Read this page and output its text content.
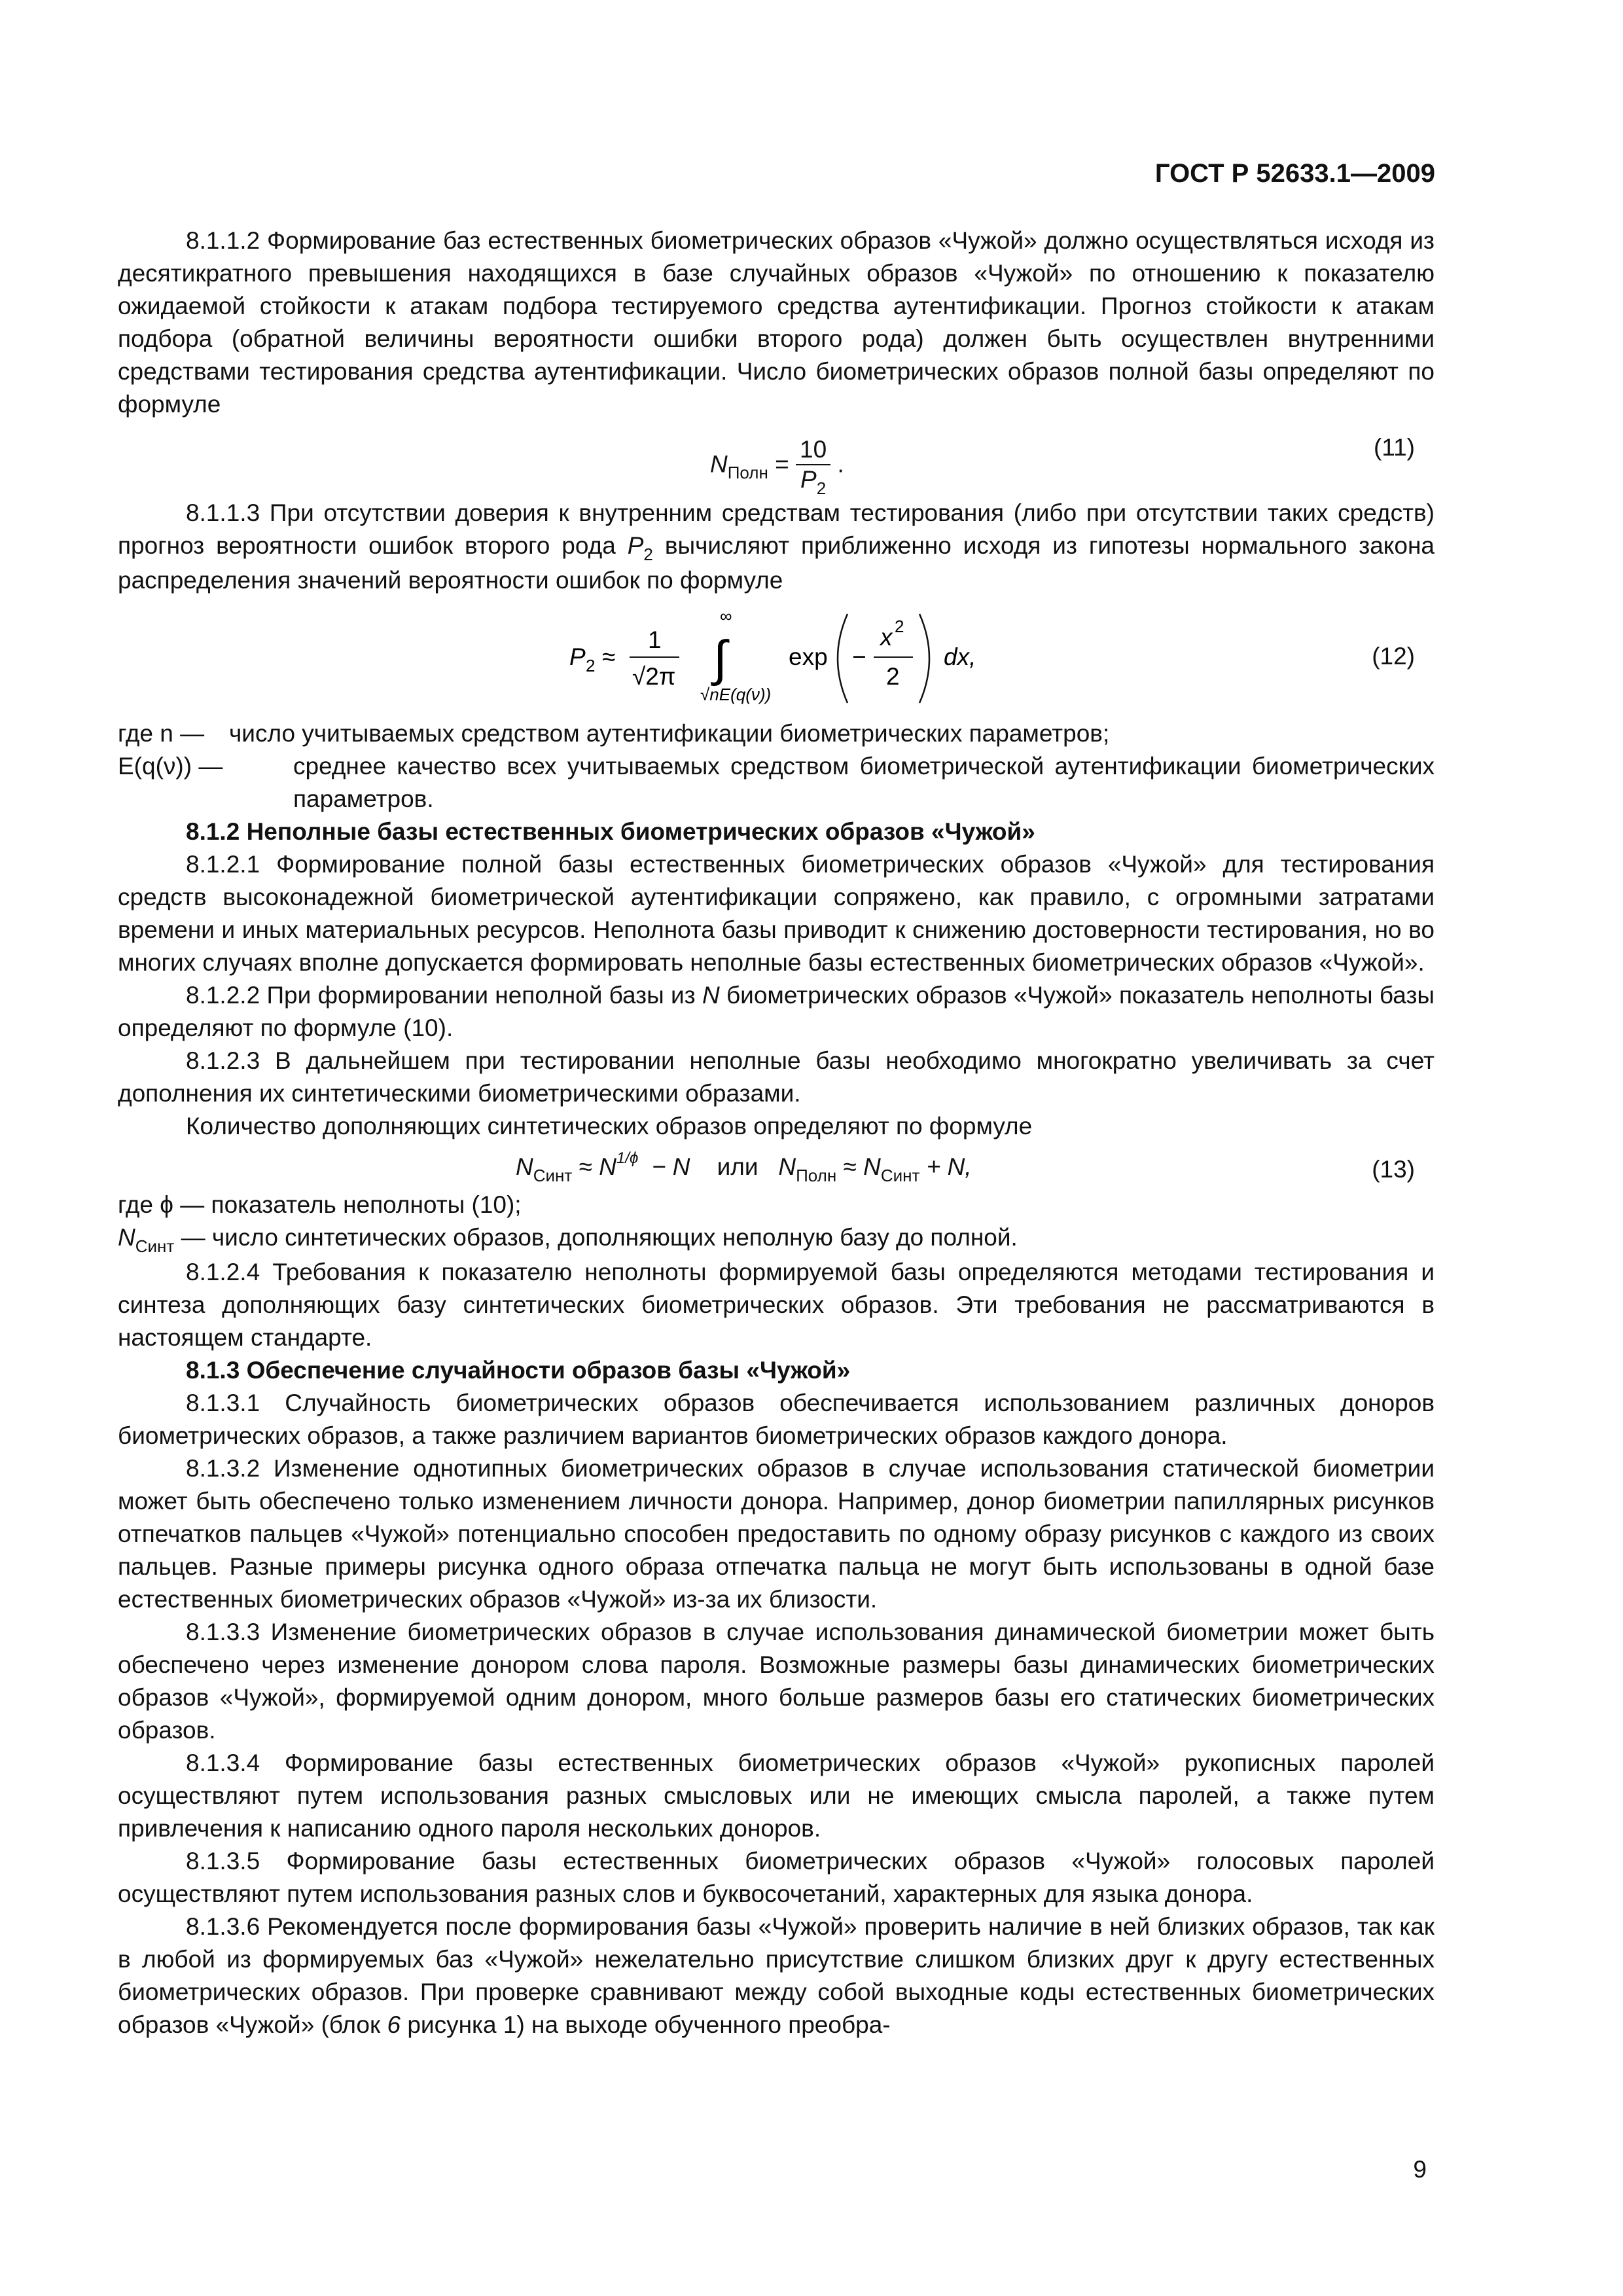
ГОСТ Р 52633.1—2009

8.1.1.2 Формирование баз естественных биометрических образов «Чужой» должно осуществляться исходя из десятикратного превышения находящихся в базе случайных образов «Чужой» по отношению к показателю ожидаемой стойкости к атакам подбора тестируемого средства аутентификации. Прогноз стойкости к атакам подбора (обратной величины вероятности ошибки второго рода) должен быть осуществлен внутренними средствами тестирования средства аутентификации. Число биометрических образов полной базы определяют по формуле

$N_{Полн} = \frac{10}{P_2}$ .
(11)

8.1.1.3 При отсутствии доверия к внутренним средствам тестирования (либо при отсутствии таких средств) прогноз вероятности ошибок второго рода $P_2$ вычисляют приближенно исходя из гипотезы нормального закона распределения значений вероятности ошибок по формуле

P 2 ≈
1
√2π
∞
∫
√nE(q(ν))
exp −
x 2
2
dx,	(12)

где n — число учитываемых средством аутентификации биометрических параметров;

E(q(ν)) —	среднее качество всех учитываемых средством биометрической аутентификации биометрических параметров.

8.1.2 Неполные базы естественных биометрических образов «Чужой»

8.1.2.1 Формирование полной базы естественных биометрических образов «Чужой» для тестирования средств высоконадежной биометрической аутентификации сопряжено, как правило, с огромными затратами времени и иных материальных ресурсов. Неполнота базы приводит к снижению достоверности тестирования, но во многих случаях вполне допускается формировать неполные базы естественных биометрических образов «Чужой».

8.1.2.2 При формировании неполной базы из N биометрических образов «Чужой» показатель неполноты базы определяют по формуле (10).

8.1.2.3 В дальнейшем при тестировании неполные базы необходимо многократно увеличивать за счет дополнения их синтетическими биометрическими образами.

Количество дополняющих синтетических образов определяют по формуле

$N_{Синт} \approx N^{1/\phi} - N$ или $N_{Полн} \approx N_{Синт} + N$,	(13)

где ϕ — показатель неполноты (10);

$N_{Синт}$ — число синтетических образов, дополняющих неполную базу до полной.

8.1.2.4 Требования к показателю неполноты формируемой базы определяются методами тестирования и синтеза дополняющих базу синтетических биометрических образов. Эти требования не рассматриваются в настоящем стандарте.

8.1.3 Обеспечение случайности образов базы «Чужой»

8.1.3.1 Случайность биометрических образов обеспечивается использованием различных доноров биометрических образов, а также различием вариантов биометрических образов каждого донора.

8.1.3.2 Изменение однотипных биометрических образов в случае использования статической биометрии может быть обеспечено только изменением личности донора. Например, донор биометрии папиллярных рисунков отпечатков пальцев «Чужой» потенциально способен предоставить по одному образу рисунков с каждого из своих пальцев. Разные примеры рисунка одного образа отпечатка пальца не могут быть использованы в одной базе естественных биометрических образов «Чужой» из-за их близости.

8.1.3.3 Изменение биометрических образов в случае использования динамической биометрии может быть обеспечено через изменение донором слова пароля. Возможные размеры базы динамических биометрических образов «Чужой», формируемой одним донором, много больше размеров базы его статических биометрических образов.

8.1.3.4 Формирование базы естественных биометрических образов «Чужой» рукописных паролей осуществляют путем использования разных смысловых или не имеющих смысла паролей, а также путем привлечения к написанию одного пароля нескольких доноров.

8.1.3.5 Формирование базы естественных биометрических образов «Чужой» голосовых паролей осуществляют путем использования разных слов и буквосочетаний, характерных для языка донора.

8.1.3.6 Рекомендуется после формирования базы «Чужой» проверить наличие в ней близких образов, так как в любой из формируемых баз «Чужой» нежелательно присутствие слишком близких друг к другу естественных биометрических образов. При проверке сравнивают между собой выходные коды естественных биометрических образов «Чужой» (блок 6 рисунка 1) на выходе обученного преобра-

9
